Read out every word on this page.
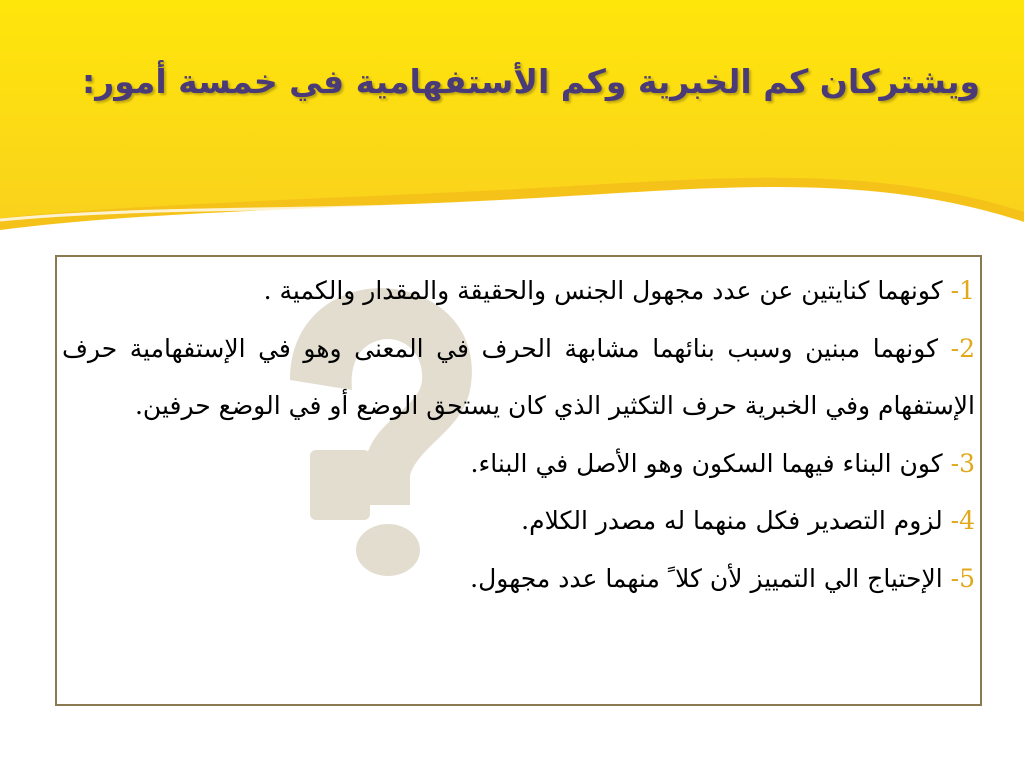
ويشتركان كم الخبرية وكم الأستفهامية في خمسة أمور:
1- كونهما كنايتين عن عدد مجهول الجنس والحقيقة والمقدار والكمية .
2- كونهما مبنين وسبب بنائهما مشابهة الحرف في المعنى وهو في الإستفهامية حرف الإستفهام وفي الخبرية حرف التكثير الذي كان يستحق الوضع أو في الوضع حرفين.
3- كون البناء فيهما السكون وهو الأصل في البناء.
4- لزوم التصدير فكل منهما له مصدر الكلام.
5- الإحتياج الي التمييز لأن كلا ً منهما عدد مجهول.
